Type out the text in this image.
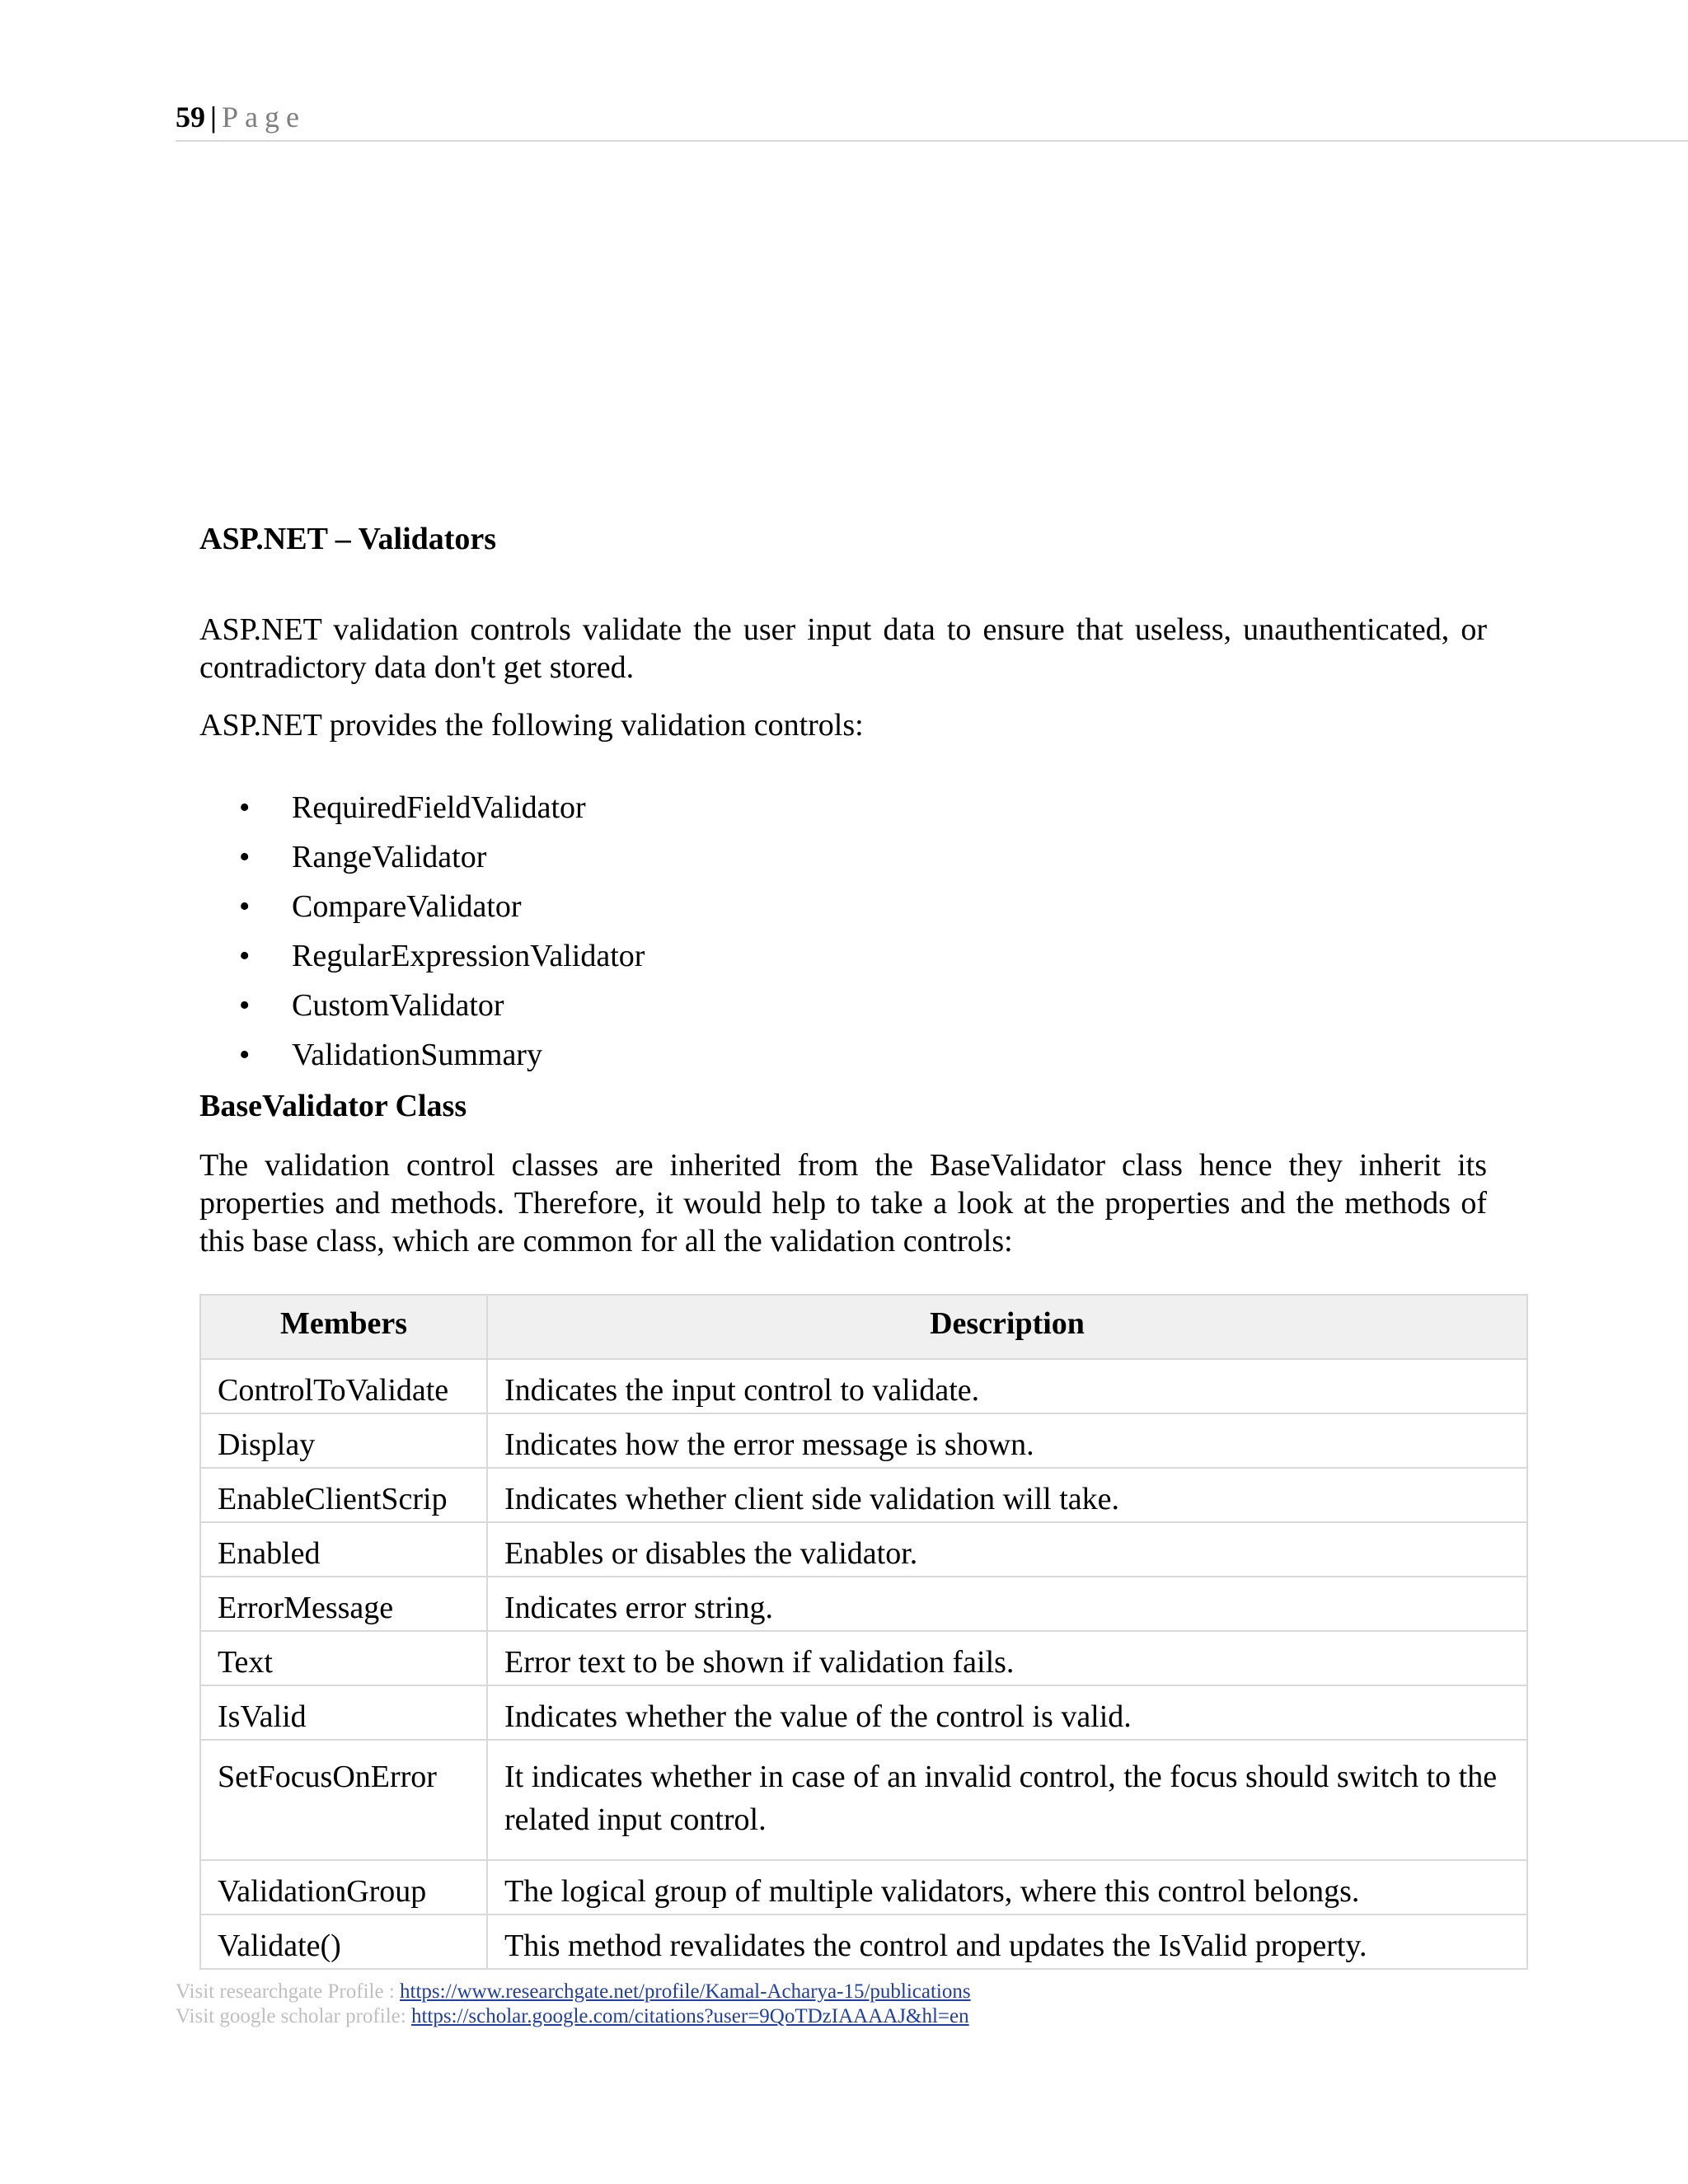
59 | Page
ASP.NET – Validators

ASP.NET validation controls validate the user input data to ensure that useless, unauthenticated, or contradictory data don't get stored.

ASP.NET provides the following validation controls:

• RequiredFieldValidator
• RangeValidator
• CompareValidator
• RegularExpressionValidator
• CustomValidator
• ValidationSummary
BaseValidator Class

The validation control classes are inherited from the BaseValidator class hence they inherit its properties and methods. Therefore, it would help to take a look at the properties and the methods of this base class, which are common for all the validation controls:

Members	Description
ControlToValidate	Indicates the input control to validate.
Display	Indicates how the error message is shown.
EnableClientScrip	Indicates whether client side validation will take.
Enabled	Enables or disables the validator.
ErrorMessage	Indicates error string.
Text	Error text to be shown if validation fails.
IsValid	Indicates whether the value of the control is valid.
SetFocusOnError	It indicates whether in case of an invalid control, the focus should switch to the related input control.
ValidationGroup	The logical group of multiple validators, where this control belongs.
Validate()	This method revalidates the control and updates the IsValid property.
Visit researchgate Profile : https://www.researchgate.net/profile/Kamal-Acharya-15/publications
Visit google scholar profile: https://scholar.google.com/citations?user=9QoTDzIAAAAJ&hl=en
